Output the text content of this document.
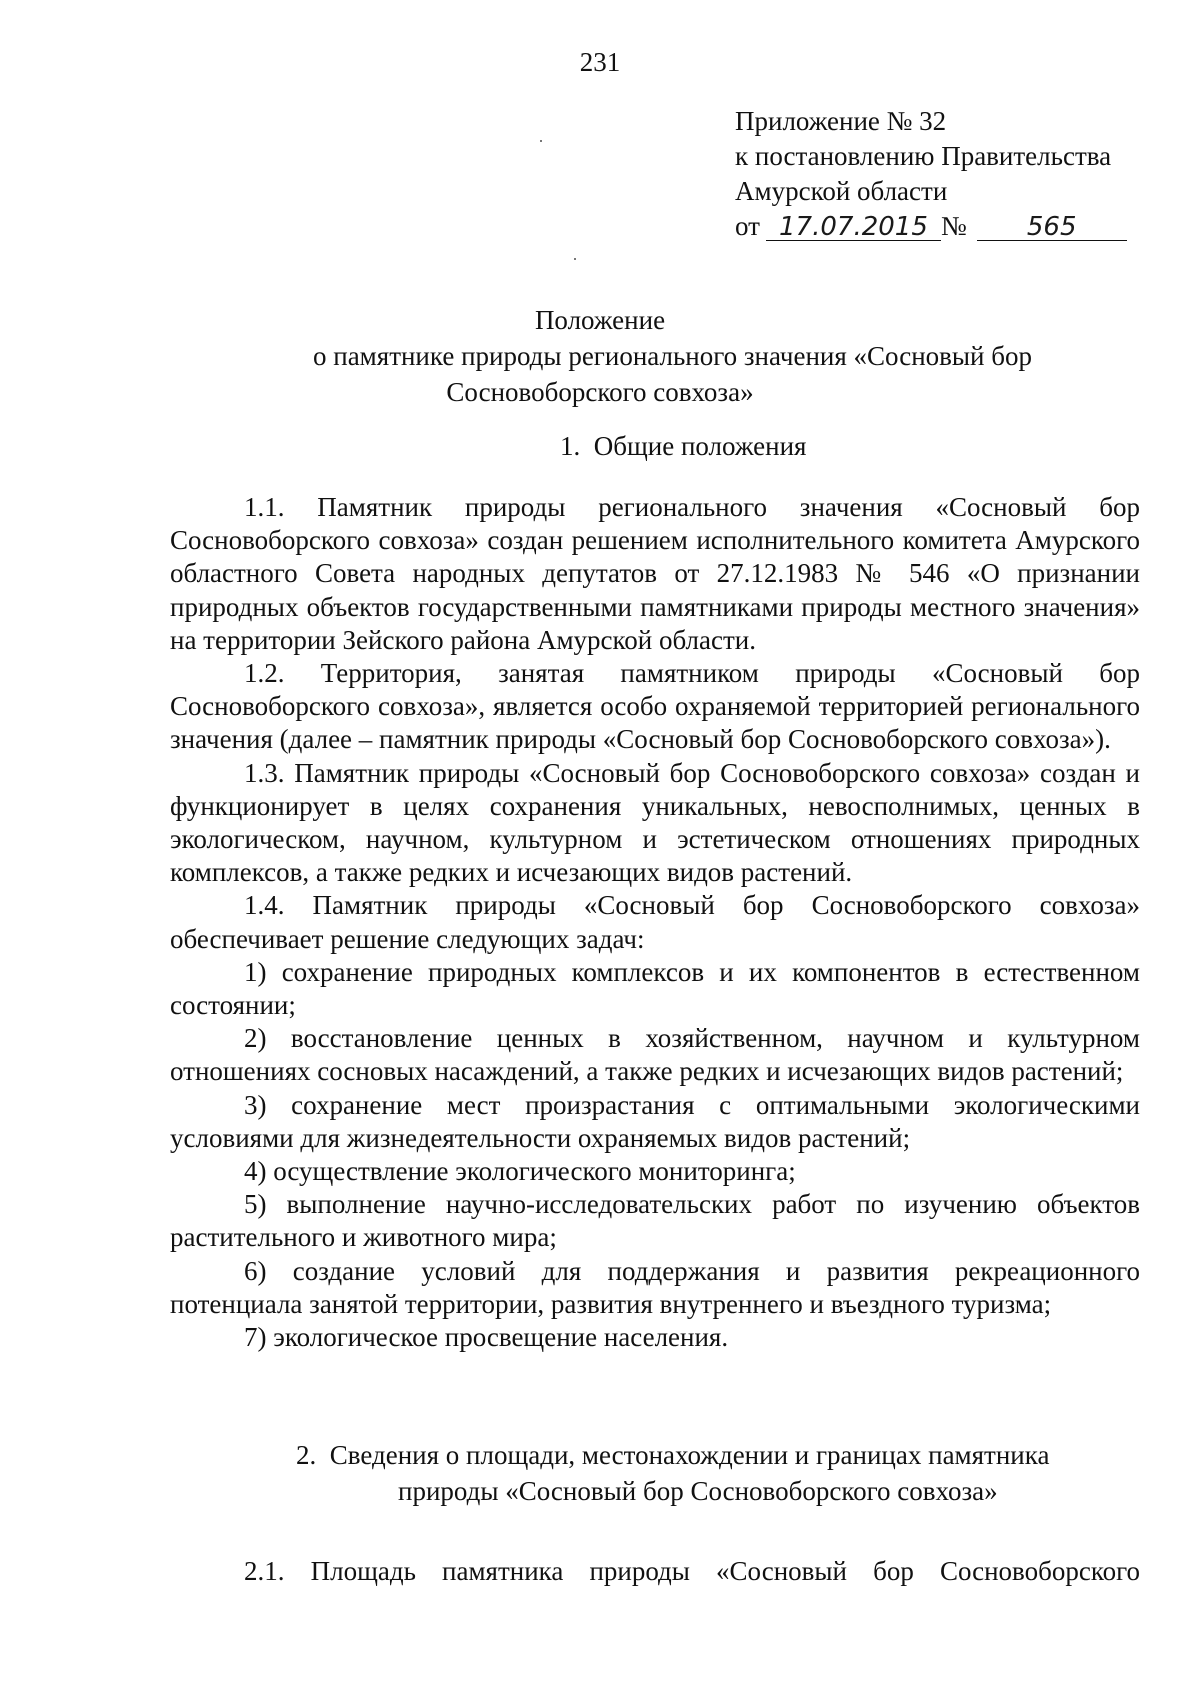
231
Приложение № 32
к постановлению Правительства
Амурской области
от 17.07.2015 № 565
Положение
о памятнике природы регионального значения «Сосновый бор
Сосновоборского совхоза»
1.  Общие положения

1.1. Памятник природы регионального значения «Сосновый бор Сосновоборского совхоза» создан решением исполнительного комитета Амурского областного Совета народных депутатов от 27.12.1983 № 546 «О признании природных объектов государственными памятниками природы местного значения» на территории Зейского района Амурской области.

1.2. Территория, занятая памятником природы «Сосновый бор Сосновоборского совхоза», является особо охраняемой территорией регионального значения (далее – памятник природы «Сосновый бор Сосновоборского совхоза»).

1.3. Памятник природы «Сосновый бор Сосновоборского совхоза» создан и функционирует в целях сохранения уникальных, невосполнимых, ценных в экологическом, научном, культурном и эстетическом отношениях природных комплексов, а также редких и исчезающих видов растений.

1.4. Памятник природы «Сосновый бор Сосновоборского совхоза» обеспечивает решение следующих задач:

1) сохранение природных комплексов и их компонентов в естественном состоянии;

2) восстановление ценных в хозяйственном, научном и культурном отношениях сосновых насаждений, а также редких и исчезающих видов растений;

3) сохранение мест произрастания с оптимальными экологическими условиями для жизнедеятельности охраняемых видов растений;

4) осуществление экологического мониторинга;

5) выполнение научно-исследовательских работ по изучению объектов растительного и животного мира;

6) создание условий для поддержания и развития рекреационного потенциала занятой территории, развития внутреннего и въездного туризма;

7) экологическое просвещение населения.

2.  Сведения о площади, местонахождении и границах памятника
природы «Сосновый бор Сосновоборского совхоза»
2.1. Площадь памятника природы «Сосновый бор Сосновоборского
